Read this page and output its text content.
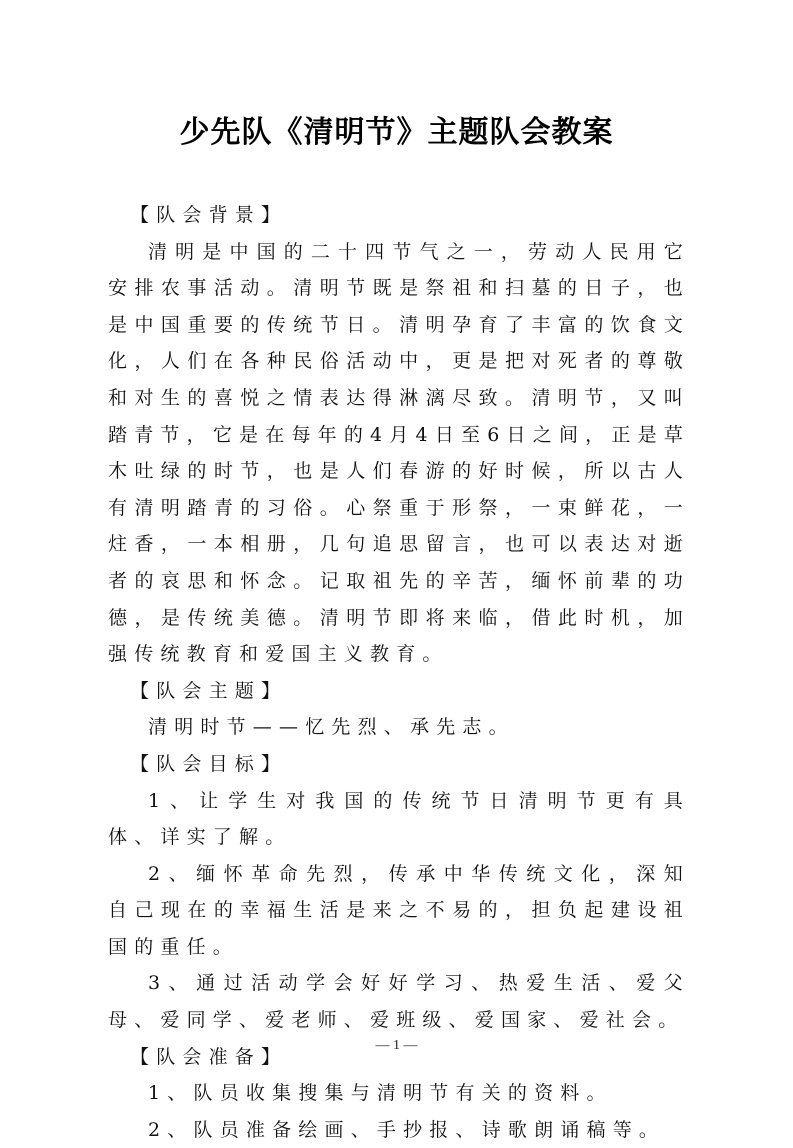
少先队《清明节》主题队会教案

【队会背景】

清明是中国的二十四节气之一，劳动人民用它安排农事活动。清明节既是祭祖和扫墓的日子，也是中国重要的传统节日。清明孕育了丰富的饮食文化，人们在各种民俗活动中，更是把对死者的尊敬和对生的喜悦之情表达得淋漓尽致。清明节，又叫踏青节，它是在每年的4月4日至6日之间，正是草木吐绿的时节，也是人们春游的好时候，所以古人有清明踏青的习俗。心祭重于形祭，一束鲜花，一炷香，一本相册，几句追思留言，也可以表达对逝者的哀思和怀念。记取祖先的辛苦，缅怀前辈的功德，是传统美德。清明节即将来临，借此时机，加强传统教育和爱国主义教育。

【队会主题】

清明时节——忆先烈、承先志。

【队会目标】

1、让学生对我国的传统节日清明节更有具体、详实了解。

2、缅怀革命先烈，传承中华传统文化，深知自己现在的幸福生活是来之不易的，担负起建设祖国的重任。

3、通过活动学会好好学习、热爱生活、爱父母、爱同学、爱老师、爱班级、爱国家、爱社会。

【队会准备】

1、队员收集搜集与清明节有关的资料。

2、队员准备绘画、手抄报、诗歌朗诵稿等。

— 1 —
